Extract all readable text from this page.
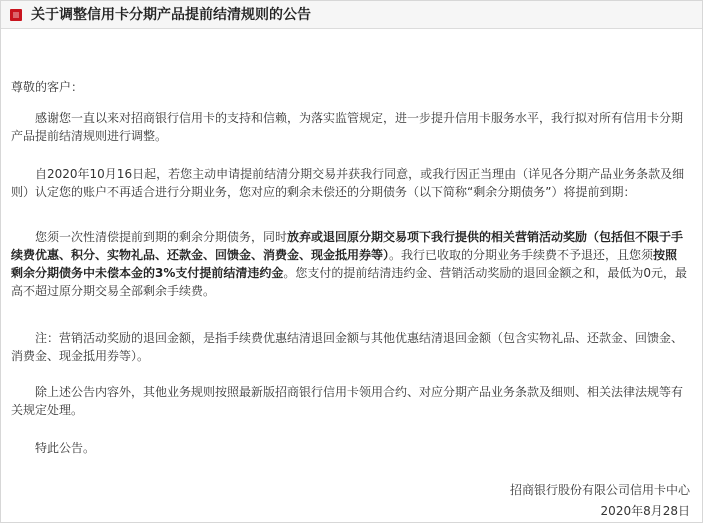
关于调整信用卡分期产品提前结清规则的公告

尊敬的客户：

感谢您一直以来对招商银行信用卡的支持和信赖，为落实监管规定，进一步提升信用卡服务水平，我行拟对所有信用卡分期产品提前结清规则进行调整。

自2020年10月16日起，若您主动申请提前结清分期交易并获我行同意，或我行因正当理由（详见各分期产品业务条款及细则）认定您的账户不再适合进行分期业务，您对应的剩余未偿还的分期债务（以下简称“剩余分期债务”）将提前到期：

您须一次性清偿提前到期的剩余分期债务，同时放弃或退回原分期交易项下我行提供的相关营销活动奖励（包括但不限于手续费优惠、积分、实物礼品、还款金、回馈金、消费金、现金抵用券等）。我行已收取的分期业务手续费不予退还，且您须按照剩余分期债务中未偿本金的3%支付提前结清违约金。您支付的提前结清违约金、营销活动奖励的退回金额之和，最低为0元，最高不超过原分期交易全部剩余手续费。

注：营销活动奖励的退回金额，是指手续费优惠结清退回金额与其他优惠结清退回金额（包含实物礼品、还款金、回馈金、消费金、现金抵用券等）。

除上述公告内容外，其他业务规则按照最新版招商银行信用卡领用合约、对应分期产品业务条款及细则、相关法律法规等有关规定处理。

特此公告。

招商银行股份有限公司信用卡中心
2020年8月28日
